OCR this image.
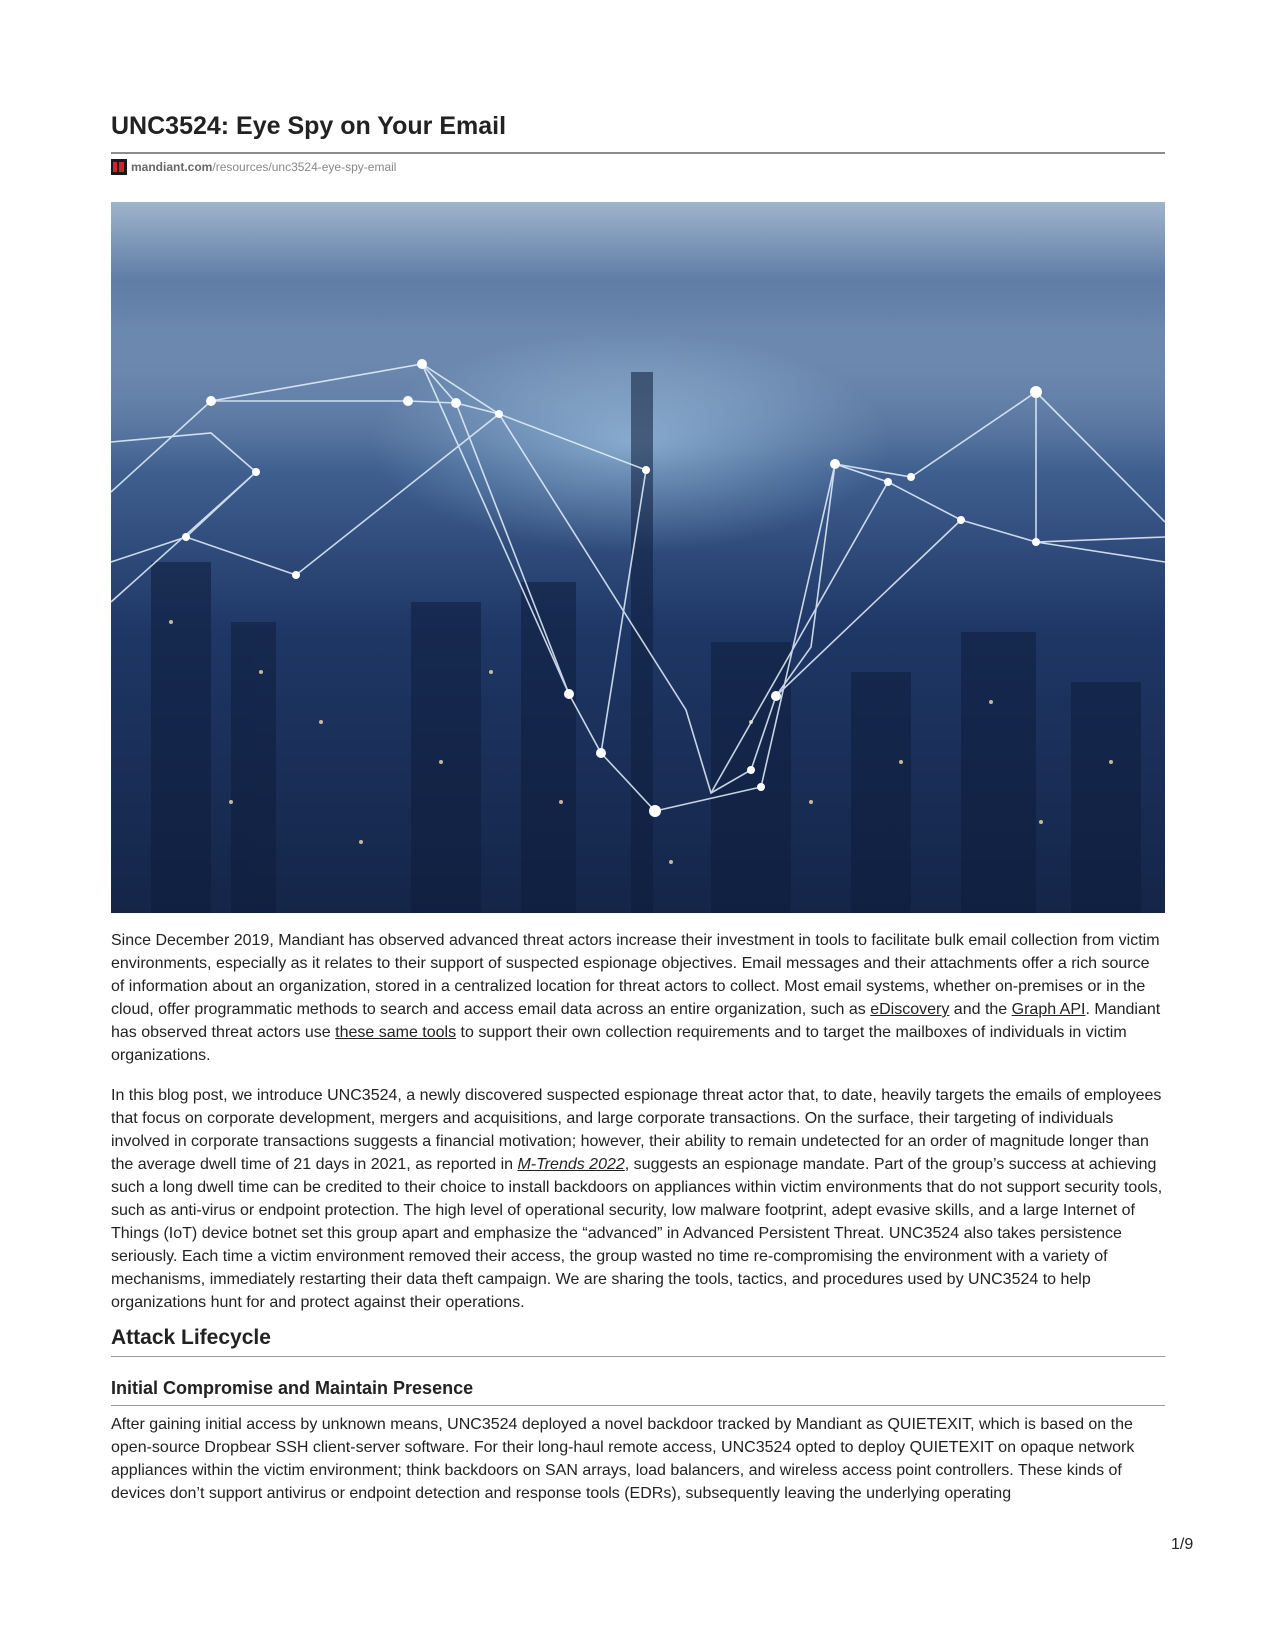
UNC3524: Eye Spy on Your Email
mandiant.com /resources/unc3524-eye-spy-email

Since December 2019, Mandiant has observed advanced threat actors increase their investment in tools to facilitate bulk email collection from victim environments, especially as it relates to their support of suspected espionage objectives. Email messages and their attachments offer a rich source of information about an organization, stored in a centralized location for threat actors to collect. Most email systems, whether on-premises or in the cloud, offer programmatic methods to search and access email data across an entire organization, such as eDiscovery and the Graph API. Mandiant has observed threat actors use these same tools to support their own collection requirements and to target the mailboxes of individuals in victim organizations.

In this blog post, we introduce UNC3524, a newly discovered suspected espionage threat actor that, to date, heavily targets the emails of employees that focus on corporate development, mergers and acquisitions, and large corporate transactions. On the surface, their targeting of individuals involved in corporate transactions suggests a financial motivation; however, their ability to remain undetected for an order of magnitude longer than the average dwell time of 21 days in 2021, as reported in M-Trends 2022, suggests an espionage mandate. Part of the group’s success at achieving such a long dwell time can be credited to their choice to install backdoors on appliances within victim environments that do not support security tools, such as anti-virus or endpoint protection. The high level of operational security, low malware footprint, adept evasive skills, and a large Internet of Things (IoT) device botnet set this group apart and emphasize the “advanced” in Advanced Persistent Threat. UNC3524 also takes persistence seriously. Each time a victim environment removed their access, the group wasted no time re-compromising the environment with a variety of mechanisms, immediately restarting their data theft campaign. We are sharing the tools, tactics, and procedures used by UNC3524 to help organizations hunt for and protect against their operations.

Attack Lifecycle
Initial Compromise and Maintain Presence

After gaining initial access by unknown means, UNC3524 deployed a novel backdoor tracked by Mandiant as QUIETEXIT, which is based on the open-source Dropbear SSH client-server software. For their long-haul remote access, UNC3524 opted to deploy QUIETEXIT on opaque network appliances within the victim environment; think backdoors on SAN arrays, load balancers, and wireless access point controllers. These kinds of devices don’t support antivirus or endpoint detection and response tools (EDRs), subsequently leaving the underlying operating

1/9
